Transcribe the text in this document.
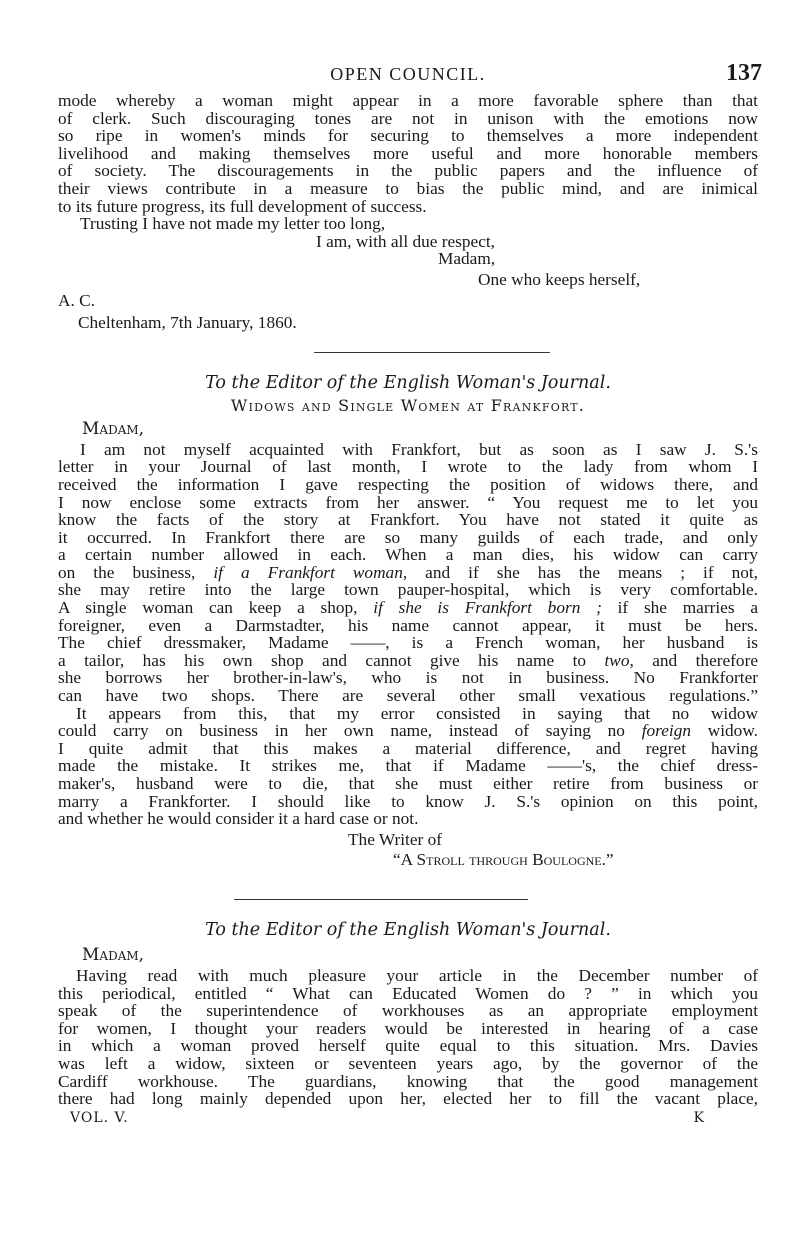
OPEN COUNCIL.	137
mode whereby a woman might appear in a more favorable sphere than that
of clerk. Such discouraging tones are not in unison with the emotions now
so ripe in women's minds for securing to themselves a more independent
livelihood and making themselves more useful and more honorable members
of society. The discouragements in the public papers and the influence of
their views contribute in a measure to bias the public mind, and are inimical
to its future progress, its full development of success.
Trusting I have not made my letter too long,
I am, with all due respect,
Madam,
One who keeps herself,
A. C.
Cheltenham, 7th January, 1860.
To the Editor of the English Woman's Journal.
Widows and Single Women at Frankfort.
Madam,
I am not myself acquainted with Frankfort, but as soon as I saw J. S.'s
letter in your Journal of last month, I wrote to the lady from whom I
received the information I gave respecting the position of widows there, and
I now enclose some extracts from her answer. “ You request me to let you
know the facts of the story at Frankfort. You have not stated it quite as
it occurred. In Frankfort there are so many guilds of each trade, and only
a certain number allowed in each. When a man dies, his widow can carry
on the business, if a Frankfort woman, and if she has the means ; if not,
she may retire into the large town pauper-hospital, which is very comfortable.
A single woman can keep a shop, if she is Frankfort born ; if she marries a
foreigner, even a Darmstadter, his name cannot appear, it must be hers.
The chief dressmaker, Madame ——, is a French woman, her husband is
a tailor, has his own shop and cannot give his name to two, and therefore
she borrows her brother-in-law's, who is not in business. No Frankforter
can have two shops. There are several other small vexatious regulations.”
It appears from this, that my error consisted in saying that no widow
could carry on business in her own name, instead of saying no foreign widow.
I quite admit that this makes a material difference, and regret having
made the mistake. It strikes me, that if Madame ——'s, the chief dress-
maker's, husband were to die, that she must either retire from business or
marry a Frankforter. I should like to know J. S.'s opinion on this point,
and whether he would consider it a hard case or not.
The Writer of
“A Stroll through Boulogne.”
To the Editor of the English Woman's Journal.
Madam,
Having read with much pleasure your article in the December number of
this periodical, entitled “ What can Educated Women do ? ” in which you
speak of the superintendence of workhouses as an appropriate employment
for women, I thought your readers would be interested in hearing of a case
in which a woman proved herself quite equal to this situation. Mrs. Davies
was left a widow, sixteen or seventeen years ago, by the governor of the
Cardiff workhouse. The guardians, knowing that the good management
there had long mainly depended upon her, elected her to fill the vacant place,
VOL. V.	K
